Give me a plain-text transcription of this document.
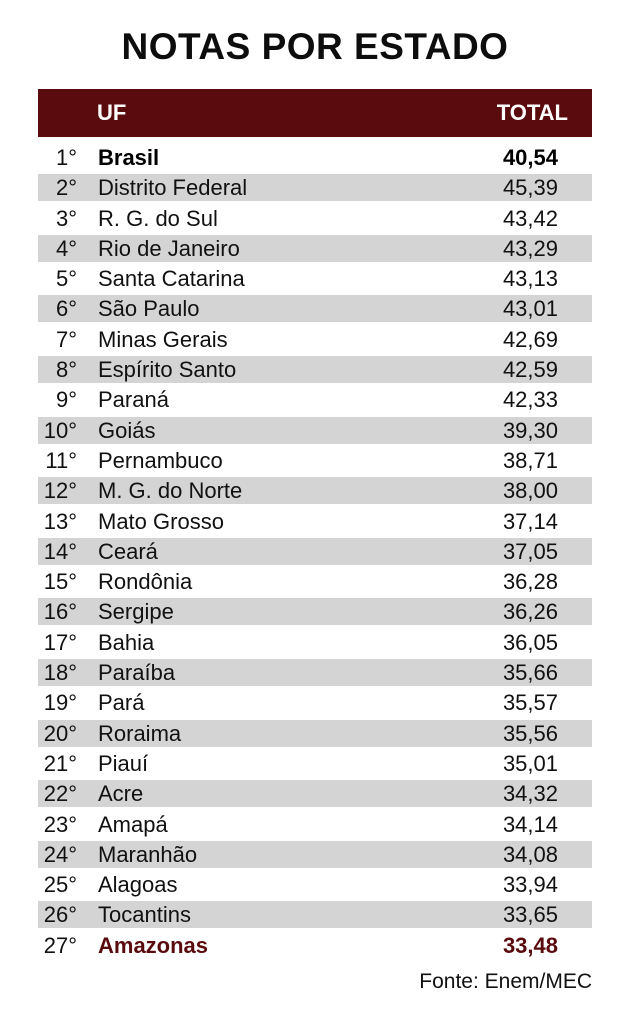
NOTAS POR ESTADO
UF	TOTAL
1° Brasil	40,54
2° Distrito Federal	45,39
3° R. G. do Sul	43,42
4° Rio de Janeiro	43,29
5° Santa Catarina	43,13
6° São Paulo	43,01
7° Minas Gerais	42,69
8° Espírito Santo	42,59
9° Paraná	42,33
10° Goiás	39,30
11° Pernambuco	38,71
12° M. G. do Norte	38,00
13° Mato Grosso	37,14
14° Ceará	37,05
15° Rondônia	36,28
16° Sergipe	36,26
17° Bahia	36,05
18° Paraíba	35,66
19° Pará	35,57
20° Roraima	35,56
21° Piauí	35,01
22° Acre	34,32
23° Amapá	34,14
24° Maranhão	34,08
25° Alagoas	33,94
26° Tocantins	33,65
27° Amazonas	33,48
Fonte: Enem/MEC
